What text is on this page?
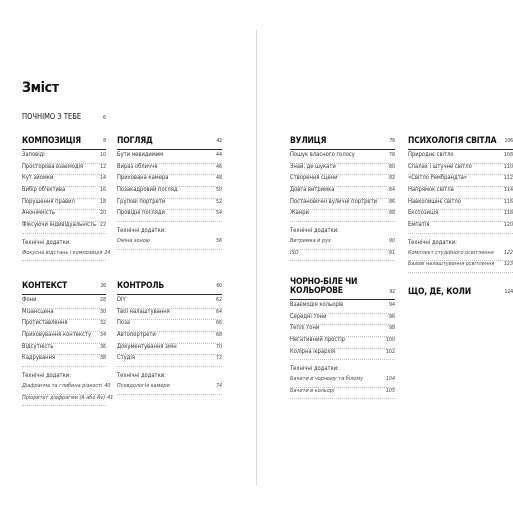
Зміст
ПОЧНІМО З ТЕБЕ	6
КОМПОЗИЦІЯ	8
Заповіді	10
Просторова взаємодія	12
Кут зйомки	14
Вибір об'єктива	16
Порушення правил	18
Анонімність	20
Фіксуючи індивідуальність 22
Технічні додатки:
Фокусна відстань і композиція 24
КОНТЕКСТ	26
Фони	28
Мізансцена	30
Протиставлення	32
Приховування контексту	34
Відсутність	36
Кадрування	38
Технічні додатки:
Діафрагма та глибина різкості 40
Пріоритет діафрагми (A або Av) 41
ПОГЛЯД	42
Бути невидимим	44
Вираз обличчя	46
Прихована камера	48
Позакадровий погляд	50
Групові портрети	52
Провідні погляди	54
Технічні додатки:
Оміна зоною	56
КОНТРОЛЬ	60
DIY	62
Твої налаштування	64
Поза	66
Автопортрети	68
Документування змін	70
Студія	72
Технічні додатки:
Псевдологія камери	74
ВУЛИЦЯ	76
Пошук власного голосу	78
Знай, де шукати	80
Створення сцени	82
Довга витримка	84
Постановочні вуличні портрети	86
Жанри	88
Технічні додатки:
Витримка й рух	90
ISO	91
ЧОРНО-БІЛЕ ЧИ КОЛЬОРОВЕ	92
Взаємодія кольорів	94
Середні тони	96
Теплі тони	98
Негативний простір	100
Колірна ієрархія	102
Технічні додатки:
Бачити в чорному та білому	104
Бачити в кольорі	105
ПСИХОЛОГІЯ СВІТЛА	106
Природнє світло	108
Спалах і штучне світло	110
«Світло Рембрандта»	112
Напрямок світла	114
Навколишнє світло	116
Експозиція	118
Емпатія	120
Технічні додатки:
Комплект студійного освітлення	122
Базові налаштування освітлення	123
ЩО, ДЕ, КОЛИ	124
